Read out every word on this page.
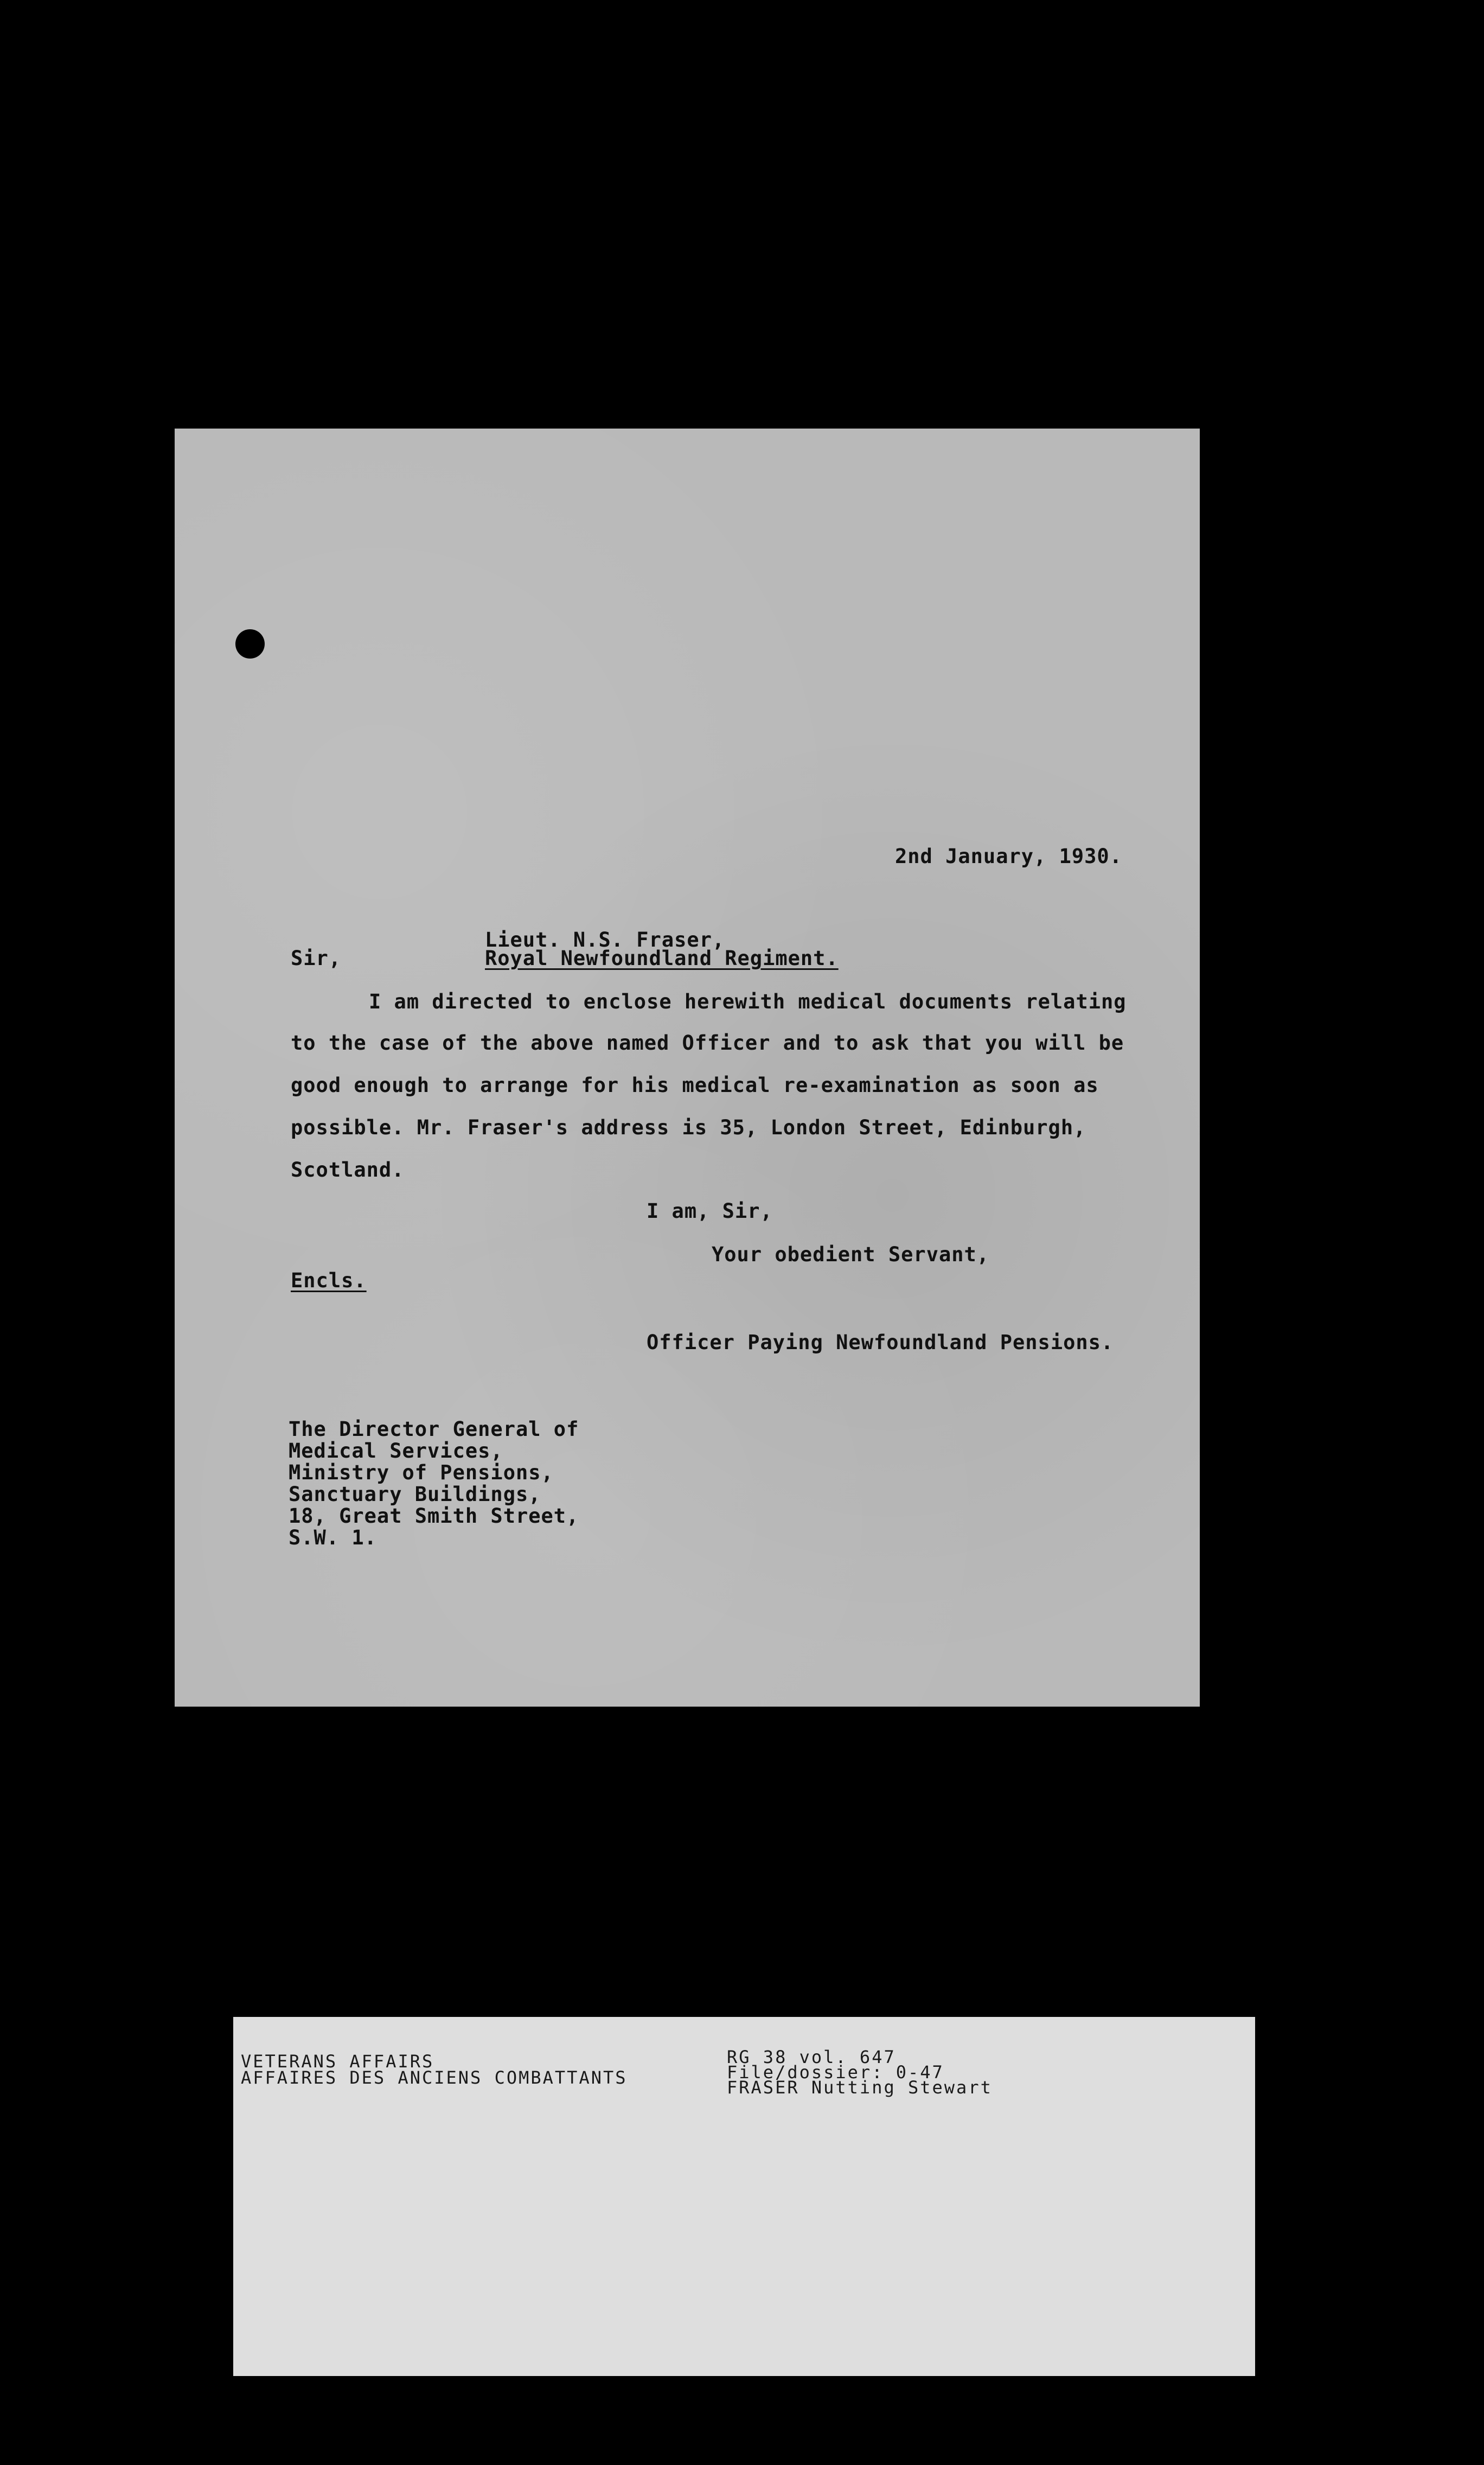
2nd January, 1930.
Lieut. N.S. Fraser,
Sir,	Royal Newfoundland Regiment.
I am directed to enclose herewith medical documents relating
to the case of the above named Officer and to ask that you will be
good enough to arrange for his medical re-examination as soon as
possible. Mr. Fraser's address is 35, London Street, Edinburgh,
Scotland.
I am, Sir,
Your obedient Servant,
Encls.
Officer Paying Newfoundland Pensions.
The Director General of
Medical Services,
Ministry of Pensions,
Sanctuary Buildings,
18, Great Smith Street,
S.W. 1.
VETERANS AFFAIRS
AFFAIRES DES ANCIENS COMBATTANTS
RG 38 vol. 647
File/dossier: 0-47
FRASER Nutting Stewart
